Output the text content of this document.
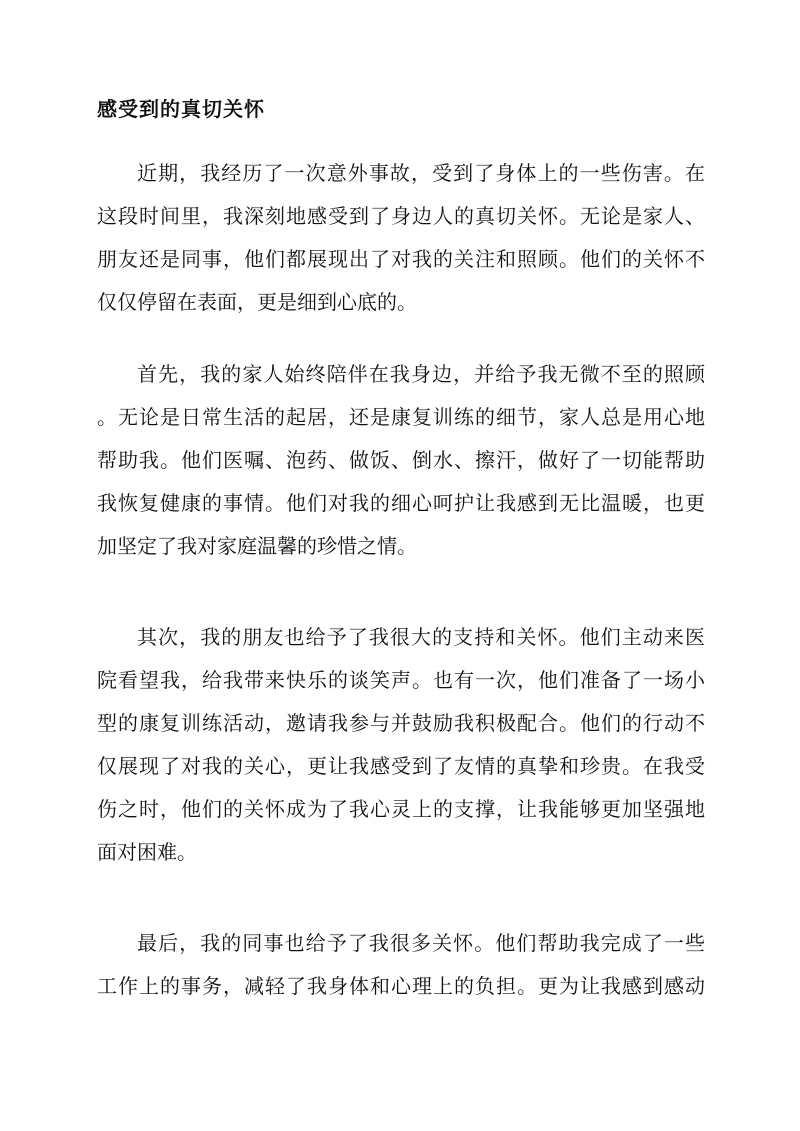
感受到的真切关怀

近期，我经历了一次意外事故，受到了身体上的一些伤害。在
这段时间里，我深刻地感受到了身边人的真切关怀。无论是家人、
朋友还是同事，他们都展现出了对我的关注和照顾。他们的关怀不
仅仅停留在表面，更是细到心底的。

首先，我的家人始终陪伴在我身边，并给予我无微不至的照顾
。无论是日常生活的起居，还是康复训练的细节，家人总是用心地
帮助我。他们医嘱、泡药、做饭、倒水、擦汗，做好了一切能帮助
我恢复健康的事情。他们对我的细心呵护让我感到无比温暖，也更
加坚定了我对家庭温馨的珍惜之情。

其次，我的朋友也给予了我很大的支持和关怀。他们主动来医
院看望我，给我带来快乐的谈笑声。也有一次，他们准备了一场小
型的康复训练活动，邀请我参与并鼓励我积极配合。他们的行动不
仅展现了对我的关心，更让我感受到了友情的真挚和珍贵。在我受
伤之时，他们的关怀成为了我心灵上的支撑，让我能够更加坚强地
面对困难。

最后，我的同事也给予了我很多关怀。他们帮助我完成了一些
工作上的事务，减轻了我身体和心理上的负担。更为让我感到感动
